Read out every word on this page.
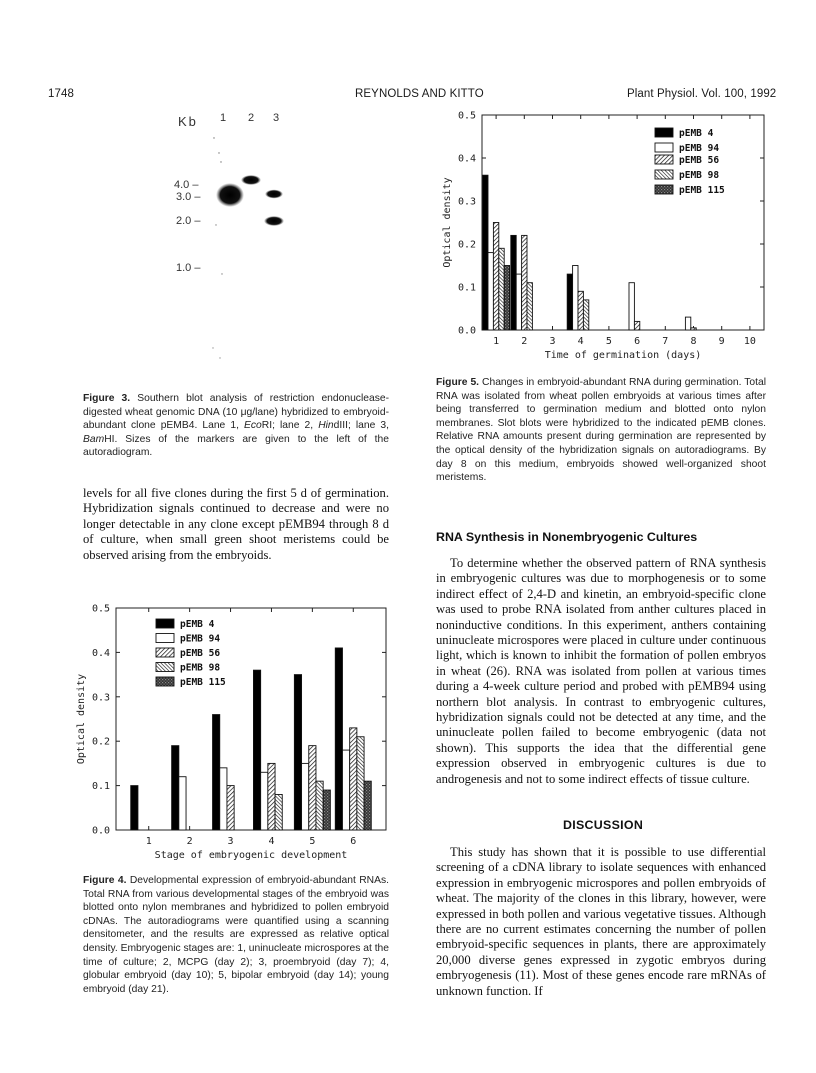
1748	REYNOLDS AND KITTO	Plant Physiol. Vol. 100, 1992
Kb 1 2 3
4.0 –
3.0 –
2.0 –
1.0 –
Figure 3. Southern blot analysis of restriction endonuclease-digested wheat genomic DNA (10 μg/lane) hybridized to embryoid-abundant clone pEMB4. Lane 1, EcoRI; lane 2, HindIII; lane 3, BamHI. Sizes of the markers are given to the left of the autoradiogram.

levels for all five clones during the first 5 d of germination. Hybridization signals continued to decrease and were no longer detectable in any clone except pEMB94 through 8 d of culture, when small green shoot meristems could be observed arising from the embryoids.

0.0
0.1
0.2
0.3
0.4
0.5
Optical density
1 2 3 4 5 6 7 8 9 10
Time of germination (days)
pEMB 4
pEMB 94
pEMB 56
pEMB 98
pEMB 115
Figure 5. Changes in embryoid-abundant RNA during germination. Total RNA was isolated from wheat pollen embryoids at various times after being transferred to germination medium and blotted onto nylon membranes. Slot blots were hybridized to the indicated pEMB clones. Relative RNA amounts present during germination are represented by the optical density of the hybridization signals on autoradiograms. By day 8 on this medium, embryoids showed well-organized shoot meristems.
0.0
0.1
0.2
0.3
0.4
0.5
Optical density
1	2	3	4	5	6
Stage of embryogenic development
pEMB 4
pEMB 94
pEMB 56
pEMB 98
pEMB 115
Figure 4. Developmental expression of embryoid-abundant RNAs. Total RNA from various developmental stages of the embryoid was blotted onto nylon membranes and hybridized to pollen embryoid cDNAs. The autoradiograms were quantified using a scanning densitometer, and the results are expressed as relative optical density. Embryogenic stages are: 1, uninucleate microspores at the time of culture; 2, MCPG (day 2); 3, proembryoid (day 7); 4, globular embryoid (day 10); 5, bipolar embryoid (day 14); young embryoid (day 21).
RNA Synthesis in Nonembryogenic Cultures

To determine whether the observed pattern of RNA synthesis in embryogenic cultures was due to morphogenesis or to some indirect effect of 2,4-D and kinetin, an embryoid-specific clone was used to probe RNA isolated from anther cultures placed in noninductive conditions. In this experiment, anthers containing uninucleate microspores were placed in culture under continuous light, which is known to inhibit the formation of pollen embryos in wheat (26). RNA was isolated from pollen at various times during a 4-week culture period and probed with pEMB94 using northern blot analysis. In contrast to embryogenic cultures, hybridization signals could not be detected at any time, and the uninucleate pollen failed to become embryogenic (data not shown). This supports the idea that the differential gene expression observed in embryogenic cultures is due to androgenesis and not to some indirect effects of tissue culture.

DISCUSSION

This study has shown that it is possible to use differential screening of a cDNA library to isolate sequences with enhanced expression in embryogenic microspores and pollen embryoids of wheat. The majority of the clones in this library, however, were expressed in both pollen and various vegetative tissues. Although there are no current estimates concerning the number of pollen embryoid-specific sequences in plants, there are approximately 20,000 diverse genes expressed in zygotic embryos during embryogenesis (11). Most of these genes encode rare mRNAs of unknown function. If
